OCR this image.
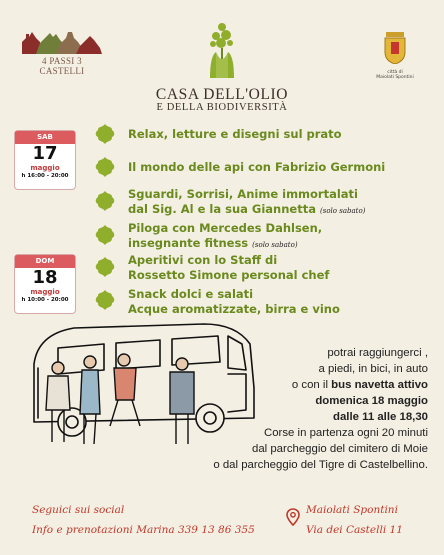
4 PASSI 3 CASTELLI
CASA DELL'OLIO
E DELLA BIODIVERSITÀ
città di
Maiolati Spontini
SAB
17
maggio
h 16:00 - 20:00
DOM
18
maggio
h 10:00 - 20:00
Relax, letture e disegni sul prato
Il mondo delle api con Fabrizio Germoni
Sguardi, Sorrisi, Anime immortalati
dal Sig. Al e la sua Giannetta (solo sabato)
Piloga con Mercedes Dahlsen,
insegnante fitness (solo sabato)
Aperitivi con lo Staff di
Rossetto Simone personal chef
Snack dolci e salati
Acque aromatizzate, birra e vino
potrai raggiungerci ,
a piedi, in bici, in auto
o con il bus navetta attivo
domenica 18 maggio
dalle 11 alle 18,30
Corse in partenza ogni 20 minuti
dal parcheggio del cimitero di Moie
o dal parcheggio del Tigre di Castelbellino.
Seguici sui social
Info e prenotazioni Marina 339 13 86 355
Maiolati Spontini
Via dei Castelli 11
